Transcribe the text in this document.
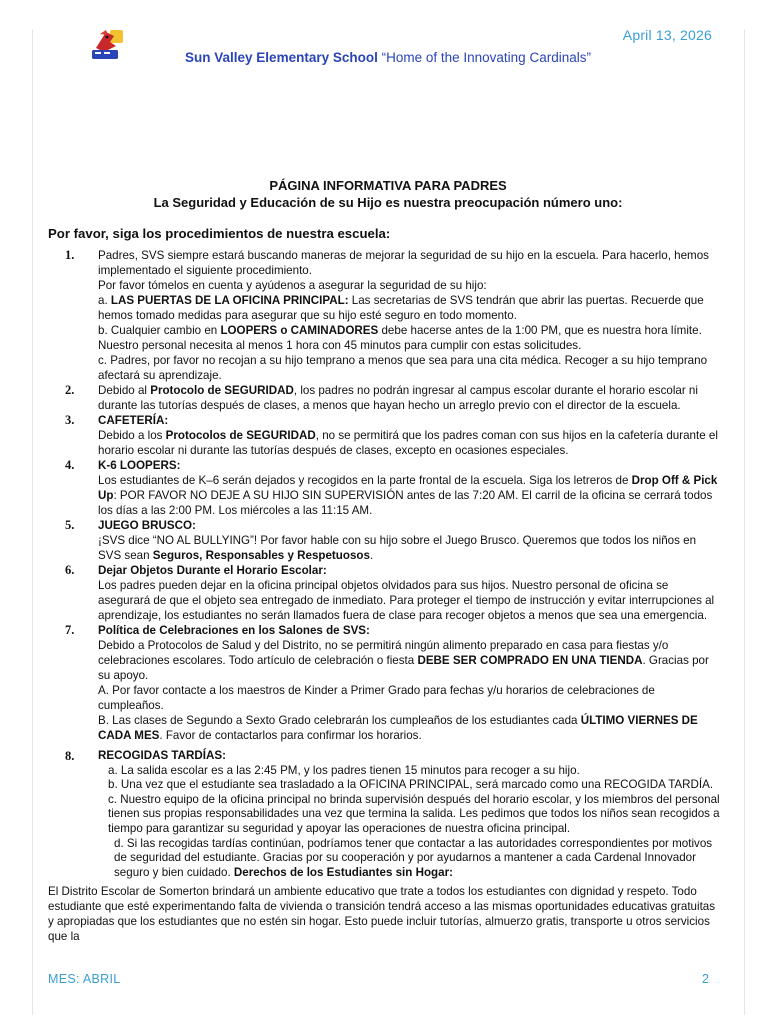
April 13, 2026
Sun Valley Elementary School “Home of the Innovating Cardinals”
PÁGINA INFORMATIVA PARA PADRES
La Seguridad y Educación de su Hijo es nuestra preocupación número uno:
Por favor, siga los procedimientos de nuestra escuela:
1. Padres, SVS siempre estará buscando maneras de mejorar la seguridad de su hijo en la escuela. Para hacerlo, hemos implementado el siguiente procedimiento.
Por favor tómelos en cuenta y ayúdenos a asegurar la seguridad de su hijo:
a. LAS PUERTAS DE LA OFICINA PRINCIPAL: Las secretarias de SVS tendrán que abrir las puertas. Recuerde que hemos tomado medidas para asegurar que su hijo esté seguro en todo momento.
b. Cualquier cambio en LOOPERS o CAMINADORES debe hacerse antes de la 1:00 PM, que es nuestra hora límite. Nuestro personal necesita al menos 1 hora con 45 minutos para cumplir con estas solicitudes.
c. Padres, por favor no recojan a su hijo temprano a menos que sea para una cita médica. Recoger a su hijo temprano afectará su aprendizaje.
2. Debido al Protocolo de SEGURIDAD, los padres no podrán ingresar al campus escolar durante el horario escolar ni durante las tutorías después de clases, a menos que hayan hecho un arreglo previo con el director de la escuela.
3. CAFETERÍA:
Debido a los Protocolos de SEGURIDAD, no se permitirá que los padres coman con sus hijos en la cafetería durante el horario escolar ni durante las tutorías después de clases, excepto en ocasiones especiales.
4. K-6 LOOPERS:
Los estudiantes de K–6 serán dejados y recogidos en la parte frontal de la escuela. Siga los letreros de Drop Off & Pick Up: POR FAVOR NO DEJE A SU HIJO SIN SUPERVISIÓN antes de las 7:20 AM. El carril de la oficina se cerrará todos los días a las 2:00 PM. Los miércoles a las 11:15 AM.
5. JUEGO BRUSCO:
¡SVS dice “NO AL BULLYING”! Por favor hable con su hijo sobre el Juego Brusco. Queremos que todos los niños en SVS sean Seguros, Responsables y Respetuosos.
6. Dejar Objetos Durante el Horario Escolar:
Los padres pueden dejar en la oficina principal objetos olvidados para sus hijos. Nuestro personal de oficina se asegurará de que el objeto sea entregado de inmediato. Para proteger el tiempo de instrucción y evitar interrupciones al aprendizaje, los estudiantes no serán llamados fuera de clase para recoger objetos a menos que sea una emergencia.
7. Política de Celebraciones en los Salones de SVS:
Debido a Protocolos de Salud y del Distrito, no se permitirá ningún alimento preparado en casa para fiestas y/o celebraciones escolares. Todo artículo de celebración o fiesta DEBE SER COMPRADO EN UNA TIENDA. Gracias por su apoyo.
A. Por favor contacte a los maestros de Kinder a Primer Grado para fechas y/u horarios de celebraciones de cumpleaños.
B. Las clases de Segundo a Sexto Grado celebrarán los cumpleaños de los estudiantes cada ÚLTIMO VIERNES DE CADA MES. Favor de contactarlos para confirmar los horarios.
8. RECOGIDAS TARDÍAS:
a. La salida escolar es a las 2:45 PM, y los padres tienen 15 minutos para recoger a su hijo.
b. Una vez que el estudiante sea trasladado a la OFICINA PRINCIPAL, será marcado como una RECOGIDA TARDÍA.
c. Nuestro equipo de la oficina principal no brinda supervisión después del horario escolar, y los miembros del personal tienen sus propias responsabilidades una vez que termina la salida. Les pedimos que todos los niños sean recogidos a tiempo para garantizar su seguridad y apoyar las operaciones de nuestra oficina principal.
d. Si las recogidas tardías continúan, podríamos tener que contactar a las autoridades correspondientes por motivos de seguridad del estudiante. Gracias por su cooperación y por ayudarnos a mantener a cada Cardenal Innovador seguro y bien cuidado. Derechos de los Estudiantes sin Hogar:
El Distrito Escolar de Somerton brindará un ambiente educativo que trate a todos los estudiantes con dignidad y respeto. Todo estudiante que esté experimentando falta de vivienda o transición tendrá acceso a las mismas oportunidades educativas gratuitas y apropiadas que los estudiantes que no estén sin hogar. Esto puede incluir tutorías, almuerzo gratis, transporte u otros servicios que la
MES: ABRIL	2
